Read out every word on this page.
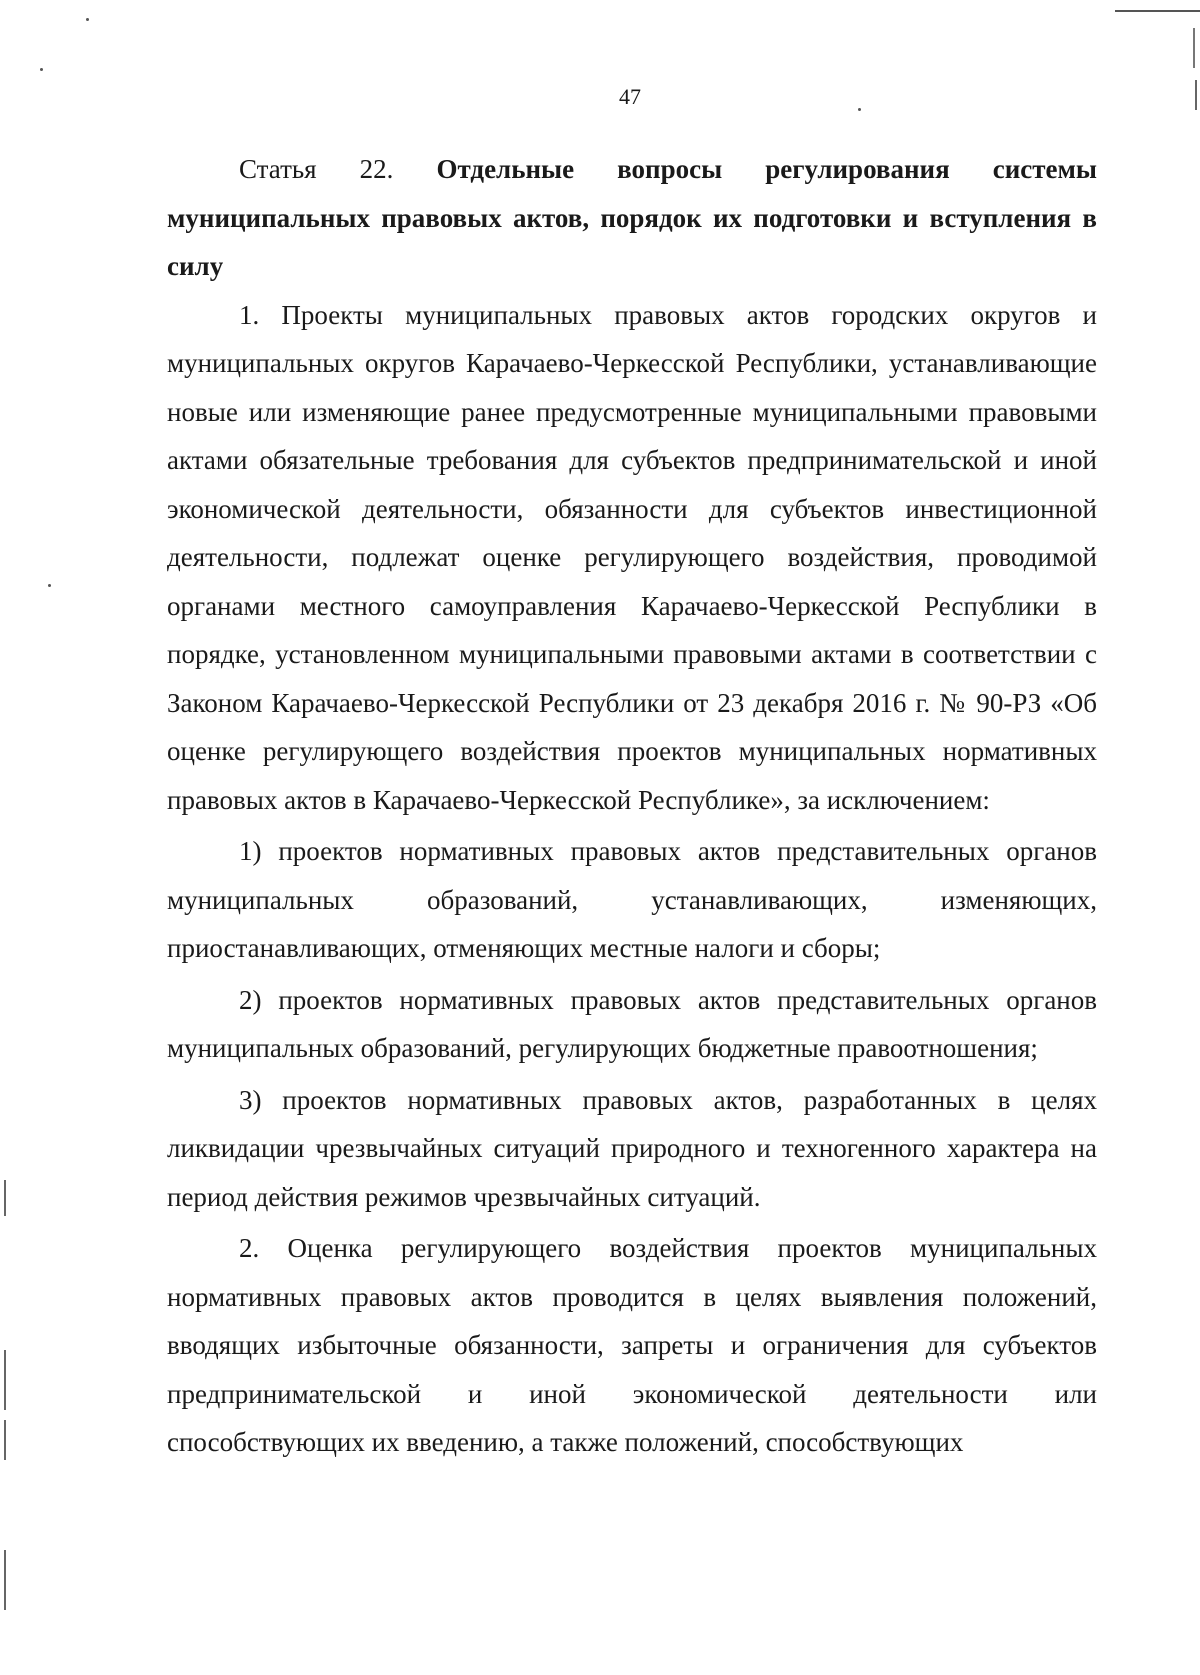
47

Статья 22. Отдельные вопросы регулирования системы муниципальных правовых актов, порядок их подготовки и вступления в силу

1. Проекты муниципальных правовых актов городских округов и муниципальных округов Карачаево-Черкесской Республики, устанавливающие новые или изменяющие ранее предусмотренные муниципальными правовыми актами обязательные требования для субъектов предпринимательской и иной экономической деятельности, обязанности для субъектов инвестиционной деятельности, подлежат оценке регулирующего воздействия, проводимой органами местного самоуправления Карачаево-Черкесской Республики в порядке, установленном муниципальными правовыми актами в соответствии с Законом Карачаево-Черкесской Республики от 23 декабря 2016 г. № 90-РЗ «Об оценке регулирующего воздействия проектов муниципальных нормативных правовых актов в Карачаево-Черкесской Республике», за исключением:

1) проектов нормативных правовых актов представительных органов муниципальных образований, устанавливающих, изменяющих, приостанавливающих, отменяющих местные налоги и сборы;

2) проектов нормативных правовых актов представительных органов муниципальных образований, регулирующих бюджетные правоотношения;

3) проектов нормативных правовых актов, разработанных в целях ликвидации чрезвычайных ситуаций природного и техногенного характера на период действия режимов чрезвычайных ситуаций.

2. Оценка регулирующего воздействия проектов муниципальных нормативных правовых актов проводится в целях выявления положений, вводящих избыточные обязанности, запреты и ограничения для субъектов предпринимательской и иной экономической деятельности или способствующих их введению, а также положений, способствующих
